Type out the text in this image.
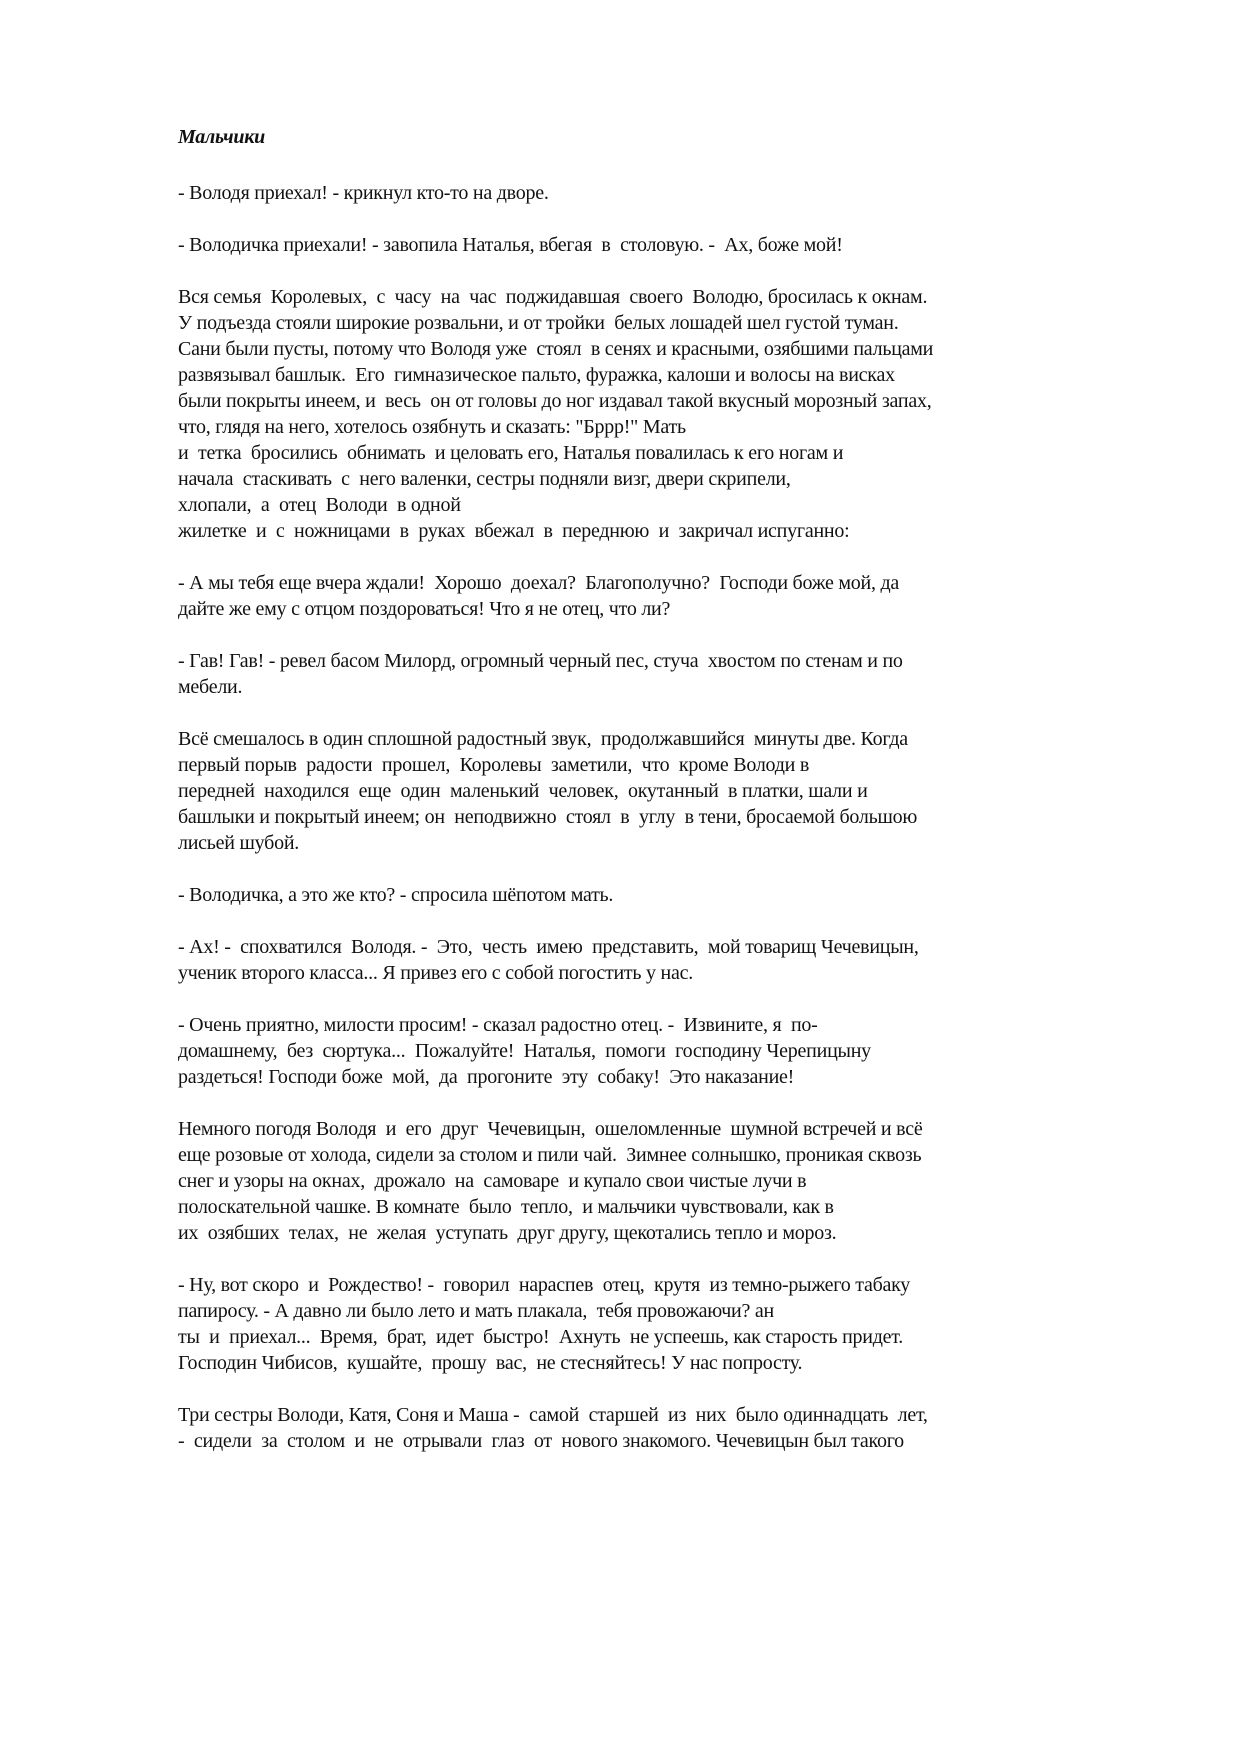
Мальчики
- Володя приехал! - крикнул кто-то на дворе.
- Володичка приехали! - завопила Наталья, вбегая  в  столовую. -  Ах, боже мой!
Вся семья  Королевых,  с  часу  на  час  поджидавшая  своего  Володю, бросилась к окнам.
У подъезда стояли широкие розвальни, и от тройки  белых лошадей шел густой туман.
Сани были пусты, потому что Володя уже  стоял  в сенях и красными, озябшими пальцами
развязывал башлык.  Его  гимназическое пальто, фуражка, калоши и волосы на висках
были покрыты инеем, и  весь  он от головы до ног издавал такой вкусный морозный запах,
что, глядя на него, хотелось озябнуть и сказать: "Бррр!" Мать
и  тетка  бросились  обнимать  и целовать его, Наталья повалилась к его ногам и
начала  стаскивать  с  него валенки, сестры подняли визг, двери скрипели,
хлопали,  а  отец  Володи  в одной
жилетке  и  с  ножницами  в  руках  вбежал  в  переднюю  и  закричал испуганно:
- А мы тебя еще вчера ждали!  Хорошо  доехал?  Благополучно?  Господи боже мой, да
дайте же ему с отцом поздороваться! Что я не отец, что ли?
- Гав! Гав! - ревел басом Милорд, огромный черный пес, стуча  хвостом по стенам и по
мебели.
Всё смешалось в один сплошной радостный звук,  продолжавшийся  минуты две. Когда
первый порыв  радости  прошел,  Королевы  заметили,  что  кроме Володи в
передней  находился  еще  один  маленький  человек,  окутанный  в платки, шали и
башлыки и покрытый инеем; он  неподвижно  стоял  в  углу  в тени, бросаемой большою
лисьей шубой.
- Володичка, а это же кто? - спросила шёпотом мать.
- Ах! -  спохватился  Володя. -  Это,  честь  имею  представить,  мой товарищ Чечевицын,
ученик второго класса... Я привез его с собой погостить у нас.
- Очень приятно, милости просим! - сказал радостно отец. -  Извините, я  по-
домашнему,  без  сюртука...  Пожалуйте!  Наталья,  помоги  господину Черепицыну
раздеться! Господи боже  мой,  да  прогоните  эту  собаку!  Это наказание!
Немного погодя Володя  и  его  друг  Чечевицын,  ошеломленные  шумной встречей и всё
еще розовые от холода, сидели за столом и пили чай.  Зимнее солнышко, проникая сквозь
снег и узоры на окнах,  дрожало  на  самоваре  и купало свои чистые лучи в
полоскательной чашке. В комнате  было  тепло,  и мальчики чувствовали, как в
их  озябших  телах,  не  желая  уступать  друг другу, щекотались тепло и мороз.
- Ну, вот скоро  и  Рождество! -  говорил  нараспев  отец,  крутя  из темно-рыжего табаку
папиросу. - А давно ли было лето и мать плакала,  тебя провожаючи? ан
ты  и  приехал...  Время,  брат,  идет  быстро!  Ахнуть  не успеешь, как старость придет.
Господин Чибисов,  кушайте,  прошу  вас,  не стесняйтесь! У нас попросту.
Три сестры Володи, Катя, Соня и Маша -  самой  старшей  из  них  было одиннадцать  лет,
-  сидели  за  столом  и  не  отрывали  глаз  от  нового знакомого. Чечевицын был такого
